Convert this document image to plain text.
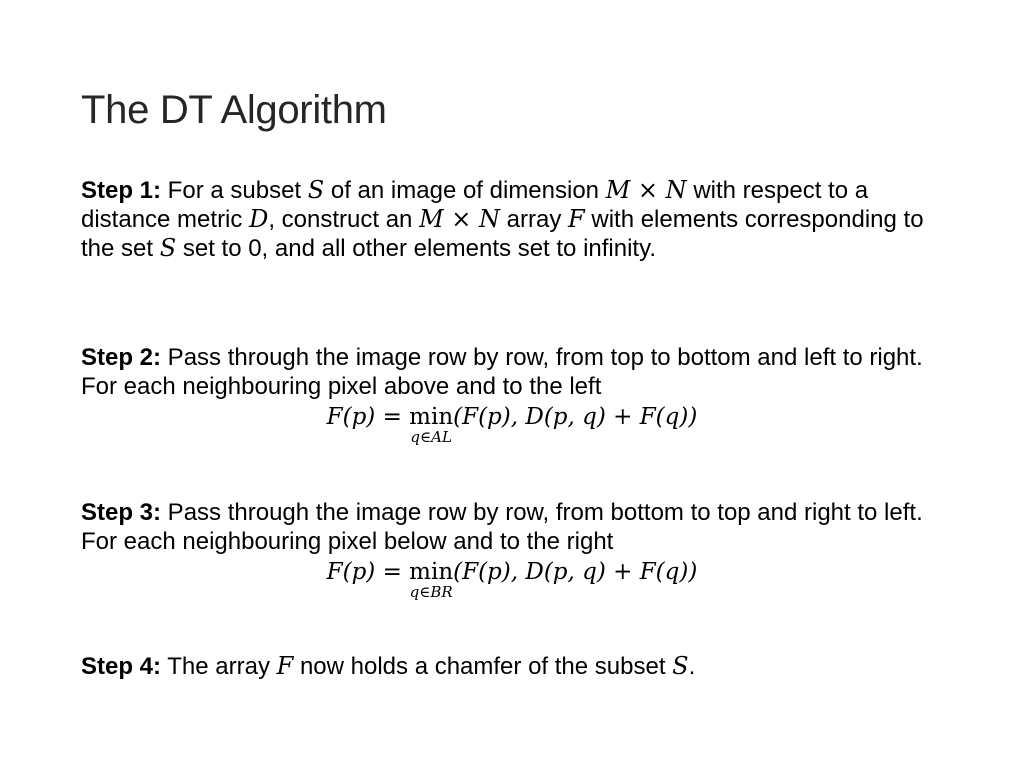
The DT Algorithm
Step 1: For a subset S of an image of dimension M × N with respect to a distance metric D, construct an M × N array F with elements corresponding to the set S set to 0, and all other elements set to infinity.
Step 2: Pass through the image row by row, from top to bottom and left to right. For each neighbouring pixel above and to the left
F(p) = min
q∈AL
(F(p), D(p, q) + F(q))
Step 3: Pass through the image row by row, from bottom to top and right to left. For each neighbouring pixel below and to the right
F(p) = min
q∈BR
(F(p), D(p, q) + F(q))
Step 4: The array F now holds a chamfer of the subset S.
